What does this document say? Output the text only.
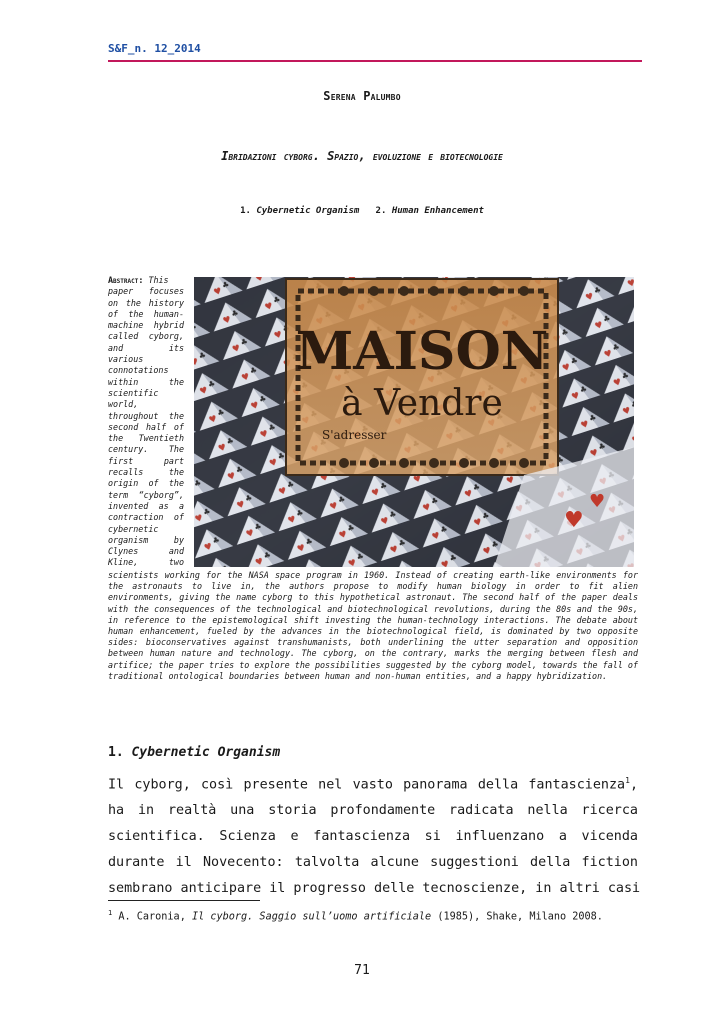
S&F_n. 12_2014
Serena Palumbo
Ibridazioni cyborg. Spazio, evoluzione e biotecnologie
1. Cybernetic Organism 2. Human Enhancement
Abstract: This
paper focuses
on the history
of the human-
machine hybrid
called cyborg,
and its
various
connotations
within the
scientific
world,
throughout the
second half of
the Twentieth
century. The
first part
recalls the
origin of the
term “cyborg”,
invented as a
contraction of
cybernetic
organism by
Clynes and
Kline, two
MAISON
à Vendre
S'adresser
♥
♥
scientists working for the NASA space program in 1960. Instead of creating earth-like environments for the astronauts to live in, the authors propose to modify human biology in order to fit alien environments, giving the name cyborg to this hypothetical astronaut. The second half of the paper deals with the consequences of the technological and biotechnological revolutions, during the 80s and the 90s, in reference to the epistemological shift investing the human-technology interactions. The debate about human enhancement, fueled by the advances in the biotechnological field, is dominated by two opposite sides: bioconservatives against transhumanists, both underlining the utter separation and opposition between human nature and technology. The cyborg, on the contrary, marks the merging between flesh and artifice; the paper tries to explore the possibilities suggested by the cyborg model, towards the fall of traditional ontological boundaries between human and non-human entities, and a happy hybridization.
1. Cybernetic Organism
Il cyborg, così presente nel vasto panorama della fantascienza$^1$,
ha in realtà una storia profondamente radicata nella ricerca
scientifica. Scienza e fantascienza si influenzano a vicenda
durante il Novecento: talvolta alcune suggestioni della fiction
sembrano anticipare il progresso delle tecnoscienze, in altri casi
$^1$ A. Caronia, Il cyborg. Saggio sull’uomo artificiale (1985), Shake, Milano 2008.
71
